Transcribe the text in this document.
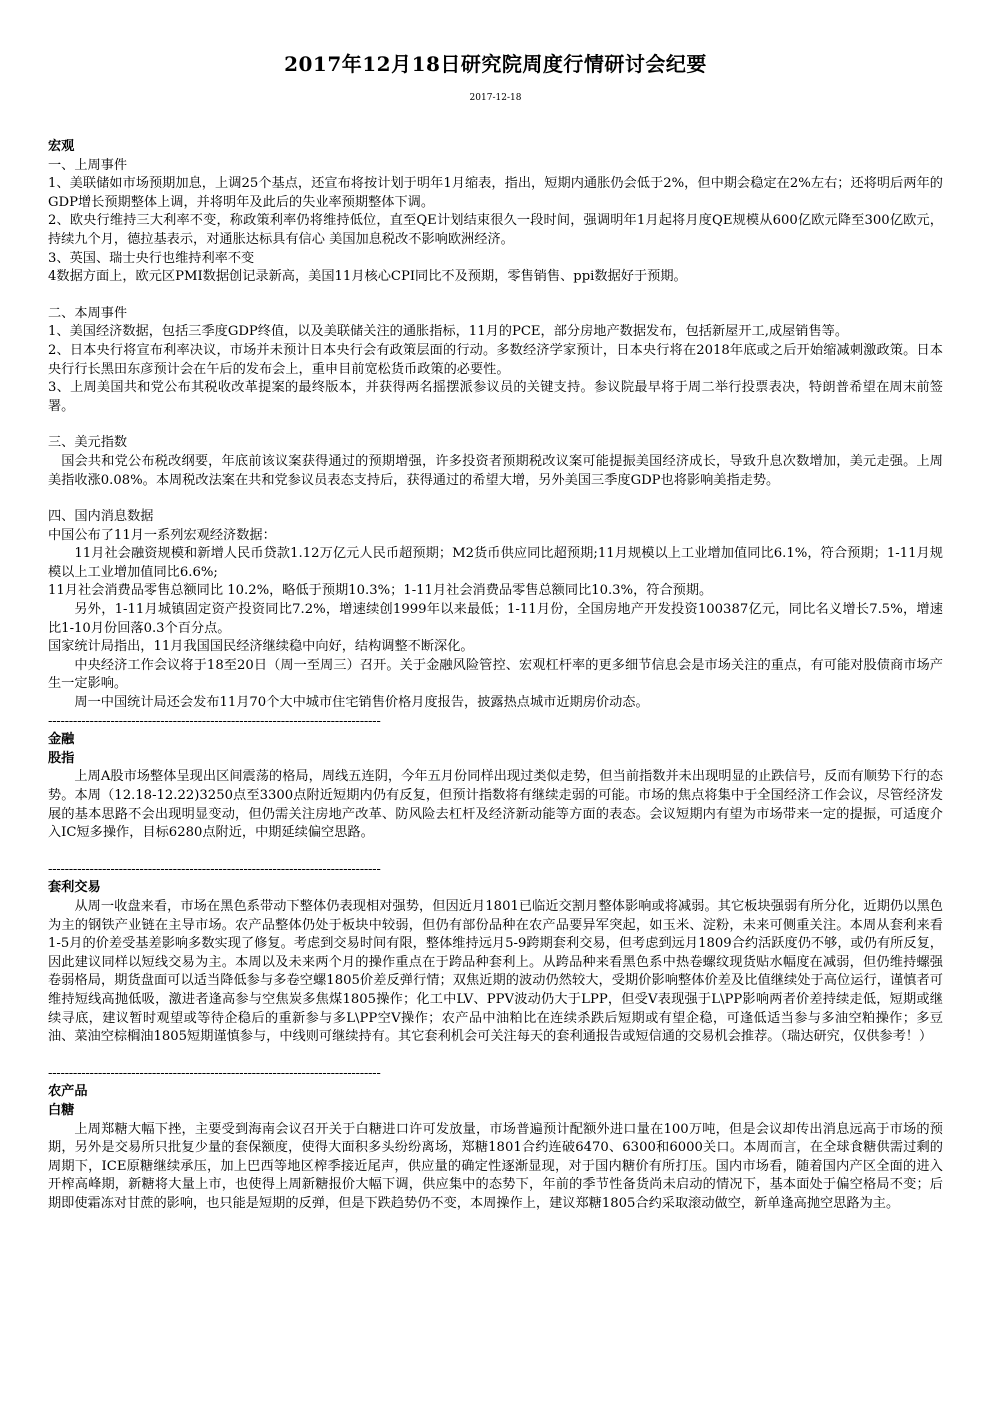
2017年12月18日研究院周度行情研讨会纪要
2017-12-18

宏观

一、上周事件

1、美联储如市场预期加息，上调25个基点，还宣布将按计划于明年1月缩表，指出，短期内通胀仍会低于2%，但中期会稳定在2%左右；还将明后两年的GDP增长预期整体上调，并将明年及此后的失业率预期整体下调。

2、欧央行维持三大利率不变，称政策利率仍将维持低位，直至QE计划结束很久一段时间，强调明年1月起将月度QE规模从600亿欧元降至300亿欧元，持续九个月，德拉基表示，对通胀达标具有信心 美国加息税改不影响欧洲经济。

3、英国、瑞士央行也维持利率不变

4数据方面上，欧元区PMI数据创记录新高，美国11月核心CPI同比不及预期，零售销售、ppi数据好于预期。

二、本周事件

1、美国经济数据，包括三季度GDP终值，以及美联储关注的通胀指标，11月的PCE，部分房地产数据发布，包括新屋开工,成屋销售等。

2、日本央行将宣布利率决议，市场并未预计日本央行会有政策层面的行动。多数经济学家预计，日本央行将在2018年底或之后开始缩减刺激政策。日本央行行长黑田东彦预计会在午后的发布会上，重申目前宽松货币政策的必要性。

3、上周美国共和党公布其税收改革提案的最终版本，并获得两名摇摆派参议员的关键支持。参议院最早将于周二举行投票表决，特朗普希望在周末前签署。

三、美元指数

国会共和党公布税改纲要，年底前该议案获得通过的预期增强，许多投资者预期税改议案可能提振美国经济成长，导致升息次数增加，美元走强。上周美指收涨0.08%。本周税改法案在共和党参议员表态支持后，获得通过的希望大增，另外美国三季度GDP也将影响美指走势。

四、国内消息数据

中国公布了11月一系列宏观经济数据：

11月社会融资规模和新增人民币贷款1.12万亿元人民币超预期；M2货币供应同比超预期;11月规模以上工业增加值同比6.1%，符合预期；1-11月规模以上工业增加值同比6.6%;

11月社会消费品零售总额同比 10.2%，略低于预期10.3%；1-11月社会消费品零售总额同比10.3%，符合预期。

另外，1-11月城镇固定资产投资同比7.2%，增速续创1999年以来最低；1-11月份，全国房地产开发投资100387亿元，同比名义增长7.5%，增速比1-10月份回落0.3个百分点。

国家统计局指出，11月我国国民经济继续稳中向好，结构调整不断深化。

中央经济工作会议将于18至20日（周一至周三）召开。关于金融风险管控、宏观杠杆率的更多细节信息会是市场关注的重点，有可能对股债商市场产生一定影响。

周一中国统计局还会发布11月70个大中城市住宅销售价格月度报告，披露热点城市近期房价动态。

--------------------------------------------------------------------------------

金融

股指

上周A股市场整体呈现出区间震荡的格局，周线五连阴，今年五月份同样出现过类似走势，但当前指数并未出现明显的止跌信号，反而有顺势下行的态势。本周（12.18-12.22)3250点至3300点附近短期内仍有反复，但预计指数将有继续走弱的可能。市场的焦点将集中于全国经济工作会议，尽管经济发展的基本思路不会出现明显变动，但仍需关注房地产改革、防风险去杠杆及经济新动能等方面的表态。会议短期内有望为市场带来一定的提振，可适度介入IC短多操作，目标6280点附近，中期延续偏空思路。

--------------------------------------------------------------------------------

套利交易

从周一收盘来看，市场在黑色系带动下整体仍表现相对强势，但因近月1801已临近交割月整体影响或将减弱。其它板块强弱有所分化，近期仍以黑色为主的钢铁产业链在主导市场。农产品整体仍处于板块中较弱，但仍有部份品种在农产品要异军突起，如玉米、淀粉，未来可侧重关注。本周从套利来看1-5月的价差受基差影响多数实现了修复。考虑到交易时间有限，整体维持远月5-9跨期套利交易，但考虑到远月1809合约活跃度仍不够，或仍有所反复，因此建议同样以短线交易为主。本周以及未来两个月的操作重点在于跨品种套利上。从跨品种来看黑色系中热卷螺纹现货贴水幅度在减弱，但仍维持螺强卷弱格局，期货盘面可以适当降低参与多卷空螺1805价差反弹行情；双焦近期的波动仍然较大，受期价影响整体价差及比值继续处于高位运行，谨慎者可维持短线高抛低吸，激进者逢高参与空焦炭多焦煤1805操作；化工中LV、PPV波动仍大于LPP，但受V表现强于L\PP影响两者价差持续走低，短期或继续寻底，建议暂时观望或等待企稳后的重新参与多L\PP空V操作；农产品中油粕比在连续杀跌后短期或有望企稳，可逢低适当参与多油空粕操作；多豆油、菜油空棕榈油1805短期谨慎参与，中线则可继续持有。其它套利机会可关注每天的套利通报告或短信通的交易机会推荐。（瑞达研究，仅供参考！）

--------------------------------------------------------------------------------

农产品

白糖

上周郑糖大幅下挫，主要受到海南会议召开关于白糖进口许可发放量，市场普遍预计配额外进口量在100万吨，但是会议却传出消息远高于市场的预期，另外是交易所只批复少量的套保额度，使得大面积多头纷纷离场，郑糖1801合约连破6470、6300和6000关口。本周而言，在全球食糖供需过剩的周期下，ICE原糖继续承压，加上巴西等地区榨季接近尾声，供应量的确定性逐渐显现，对于国内糖价有所打压。国内市场看，随着国内产区全面的进入开榨高峰期，新糖将大量上市，也使得上周新糖报价大幅下调，供应集中的态势下，年前的季节性备货尚未启动的情况下，基本面处于偏空格局不变；后期即使霜冻对甘蔗的影响，也只能是短期的反弹，但是下跌趋势仍不变，本周操作上，建议郑糖1805合约采取滚动做空，新单逢高抛空思路为主。
